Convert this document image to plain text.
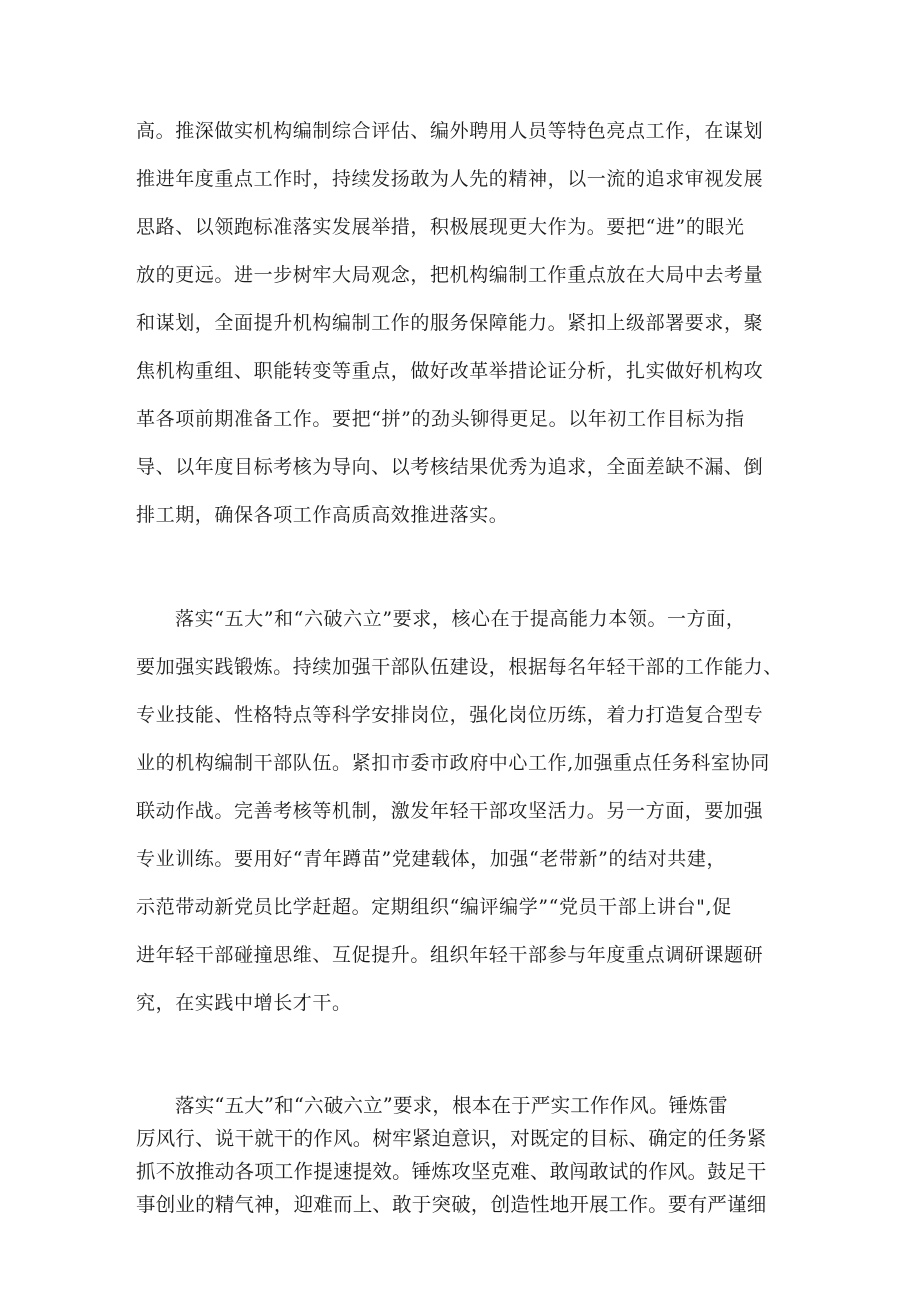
高。推深做实机构编制综合评估、编外聘用人员等特色亮点工作，在谋划

推进年度重点工作时，持续发扬敢为人先的精神，以一流的追求审视发展

思路、以领跑标准落实发展举措，积极展现更大作为。要把“进”的眼光

放的更远。进一步树牢大局观念，把机构编制工作重点放在大局中去考量

和谋划，全面提升机构编制工作的服务保障能力。紧扣上级部署要求，聚

焦机构重组、职能转变等重点，做好改革举措论证分析，扎实做好机构攻

革各项前期准备工作。要把“拼”的劲头铆得更足。以年初工作目标为指

导、以年度目标考核为导向、以考核结果优秀为追求，全面差缺不漏、倒

排工期，确保各项工作高质高效推进落实。

落实“五大”和“六破六立”要求，核心在于提高能力本领。一方面，

要加强实践锻炼。持续加强干部队伍建设，根据每名年轻干部的工作能力、

专业技能、性格特点等科学安排岗位，强化岗位历练，着力打造复合型专

业的机构编制干部队伍。紧扣市委市政府中心工作,加强重点任务科室协同

联动作战。完善考核等机制，激发年轻干部攻坚活力。另一方面，要加强

专业训练。要用好“青年蹲苗”党建载体，加强“老带新”的结对共建，

示范带动新党员比学赶超。定期组织“编评编学”“党员干部上讲台",促

进年轻干部碰撞思维、互促提升。组织年轻干部参与年度重点调研课题研

究，在实践中增长才干。

落实“五大”和“六破六立”要求，根本在于严实工作作风。锤炼雷

厉风行、说干就干的作风。树牢紧迫意识，对既定的目标、确定的任务紧

抓不放推动各项工作提速提效。锤炼攻坚克难、敢闯敢试的作风。鼓足干

事创业的精气神，迎难而上、敢于突破，创造性地开展工作。要有严谨细
